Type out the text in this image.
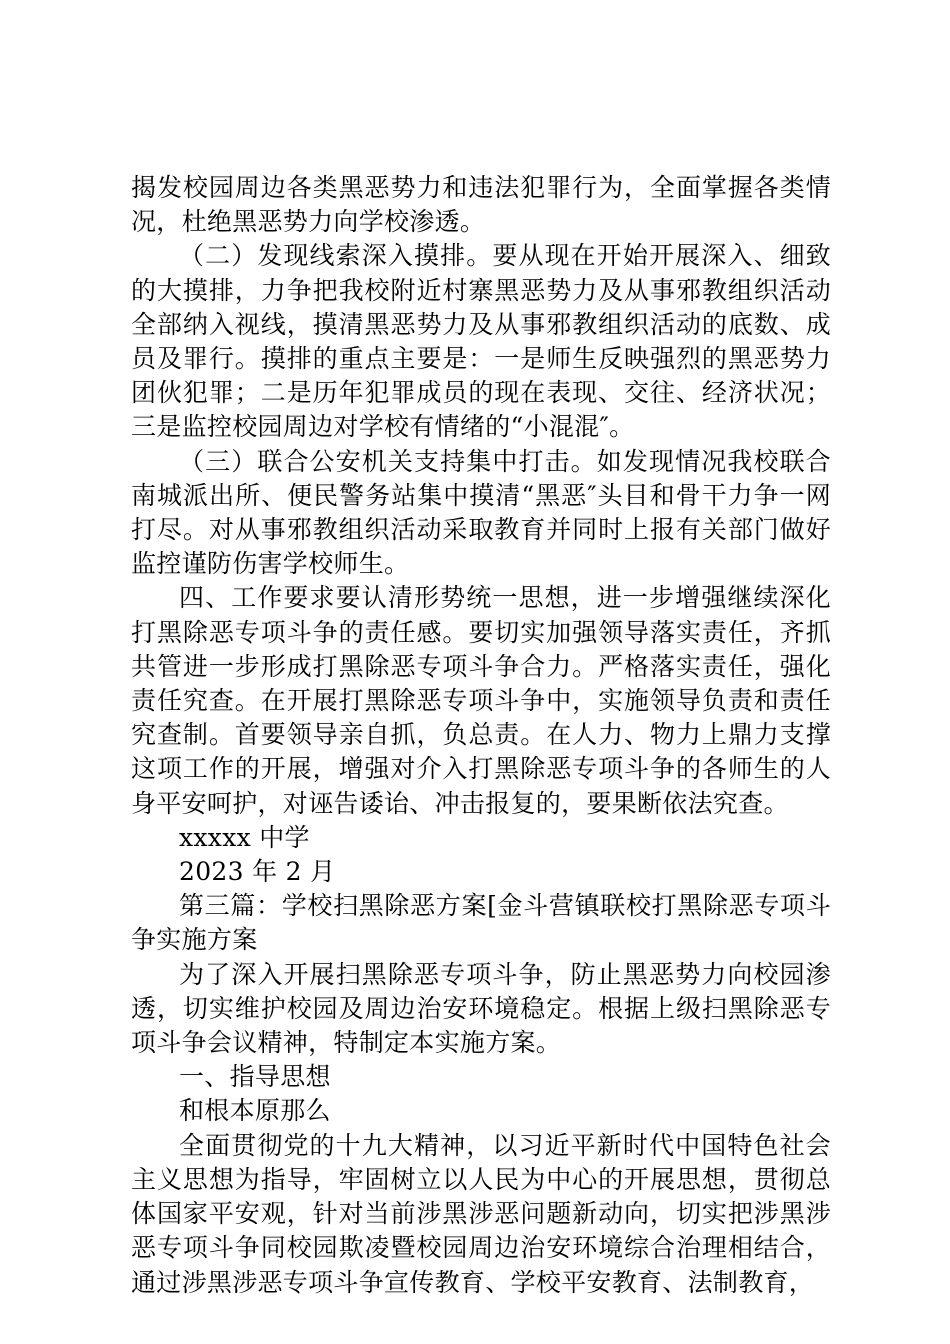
揭发校园周边各类黑恶势力和违法犯罪行为，全面掌握各类情况，杜绝黑恶势力向学校渗透。

（二）发现线索深入摸排。要从现在开始开展深入、细致的大摸排，力争把我校附近村寨黑恶势力及从事邪教组织活动全部纳入视线，摸清黑恶势力及从事邪教组织活动的底数、成员及罪行。摸排的重点主要是：一是师生反映强烈的黑恶势力团伙犯罪；二是历年犯罪成员的现在表现、交往、经济状况；三是监控校园周边对学校有情绪的“小混混″。

（三）联合公安机关支持集中打击。如发现情况我校联合南城派出所、便民警务站集中摸清“黑恶″头目和骨干力争一网打尽。对从事邪教组织活动采取教育并同时上报有关部门做好监控谨防伤害学校师生。

四、工作要求要认清形势统一思想，进一步增强继续深化打黑除恶专项斗争的责任感。要切实加强领导落实责任，齐抓共管进一步形成打黑除恶专项斗争合力。严格落实责任，强化责任究查。在开展打黑除恶专项斗争中，实施领导负责和责任究查制。首要领导亲自抓，负总责。在人力、物力上鼎力支撑这项工作的开展，增强对介入打黑除恶专项斗争的各师生的人身平安呵护，对诬告诿诒、冲击报复的，要果断依法究查。

xxxxx 中学

2023 年 2 月

第三篇：学校扫黑除恶方案[金斗营镇联校打黑除恶专项斗争实施方案

为了深入开展扫黑除恶专项斗争，防止黑恶势力向校园渗透，切实维护校园及周边治安环境稳定。根据上级扫黑除恶专项斗争会议精神，特制定本实施方案。

一、指导思想

和根本原那么

全面贯彻党的十九大精神，以习近平新时代中国特色社会主义思想为指导，牢固树立以人民为中心的开展思想，贯彻总体国家平安观，针对当前涉黑涉恶问题新动向，切实把涉黑涉恶专项斗争同校园欺凌暨校园周边治安环境综合治理相结合，通过涉黑涉恶专项斗争宣传教育、学校平安教育、法制教育，
